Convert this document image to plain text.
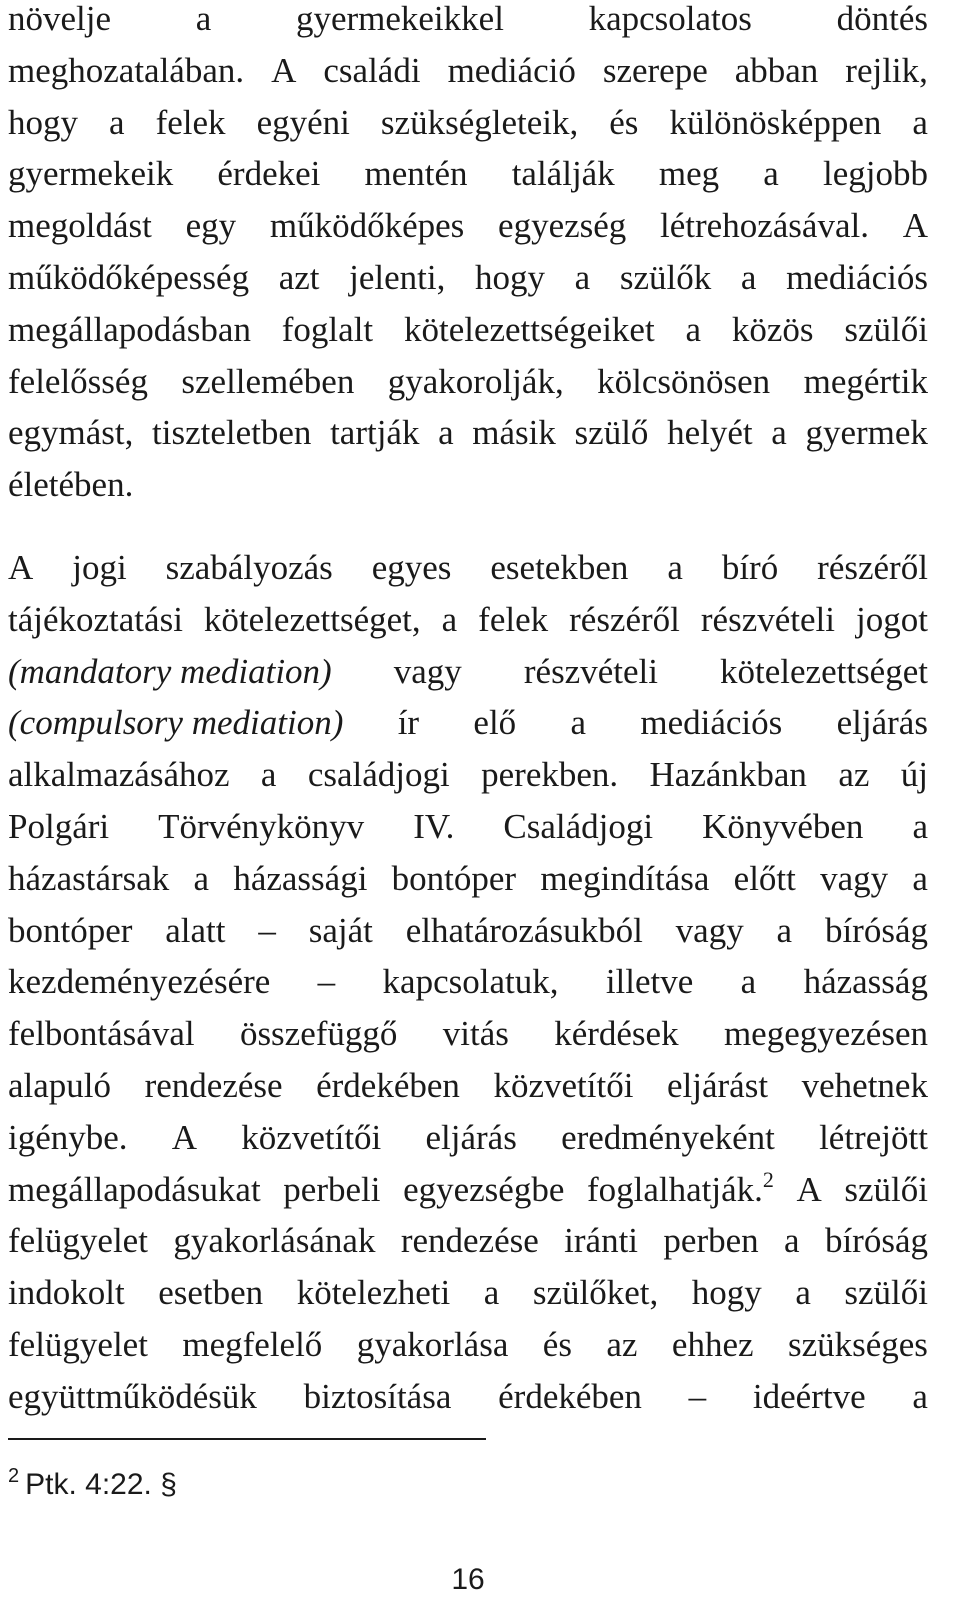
növelje a gyermekeikkel kapcsolatos döntés
meghozatalában. A családi mediáció szerepe abban rejlik,
hogy a felek egyéni szükségleteik, és különösképpen a
gyermekeik érdekei mentén találják meg a legjobb
megoldást egy működőképes egyezség létrehozásával. A
működőképesség azt jelenti, hogy a szülők a mediációs
megállapodásban foglalt kötelezettségeiket a közös szülői
felelősség szellemében gyakorolják, kölcsönösen megértik
egymást, tiszteletben tartják a másik szülő helyét a gyermek
életében.
A jogi szabályozás egyes esetekben a bíró részéről
tájékoztatási kötelezettséget, a felek részéről részvételi jogot
(mandatory mediation) vagy részvételi kötelezettséget
(compulsory mediation) ír elő a mediációs eljárás
alkalmazásához a családjogi perekben. Hazánkban az új
Polgári Törvénykönyv IV. Családjogi Könyvében a
házastársak a házassági bontóper megindítása előtt vagy a
bontóper alatt – saját elhatározásukból vagy a bíróság
kezdeményezésére – kapcsolatuk, illetve a házasság
felbontásával összefüggő vitás kérdések megegyezésen
alapuló rendezése érdekében közvetítői eljárást vehetnek
igénybe. A közvetítői eljárás eredményeként létrejött
megállapodásukat perbeli egyezségbe foglalhatják.$^2$ A szülői
felügyelet gyakorlásának rendezése iránti perben a bíróság
indokolt esetben kötelezheti a szülőket, hogy a szülői
felügyelet megfelelő gyakorlása és az ehhez szükséges
együttműködésük biztosítása érdekében – ideértve a
$^2$ Ptk. 4:22. §
16
